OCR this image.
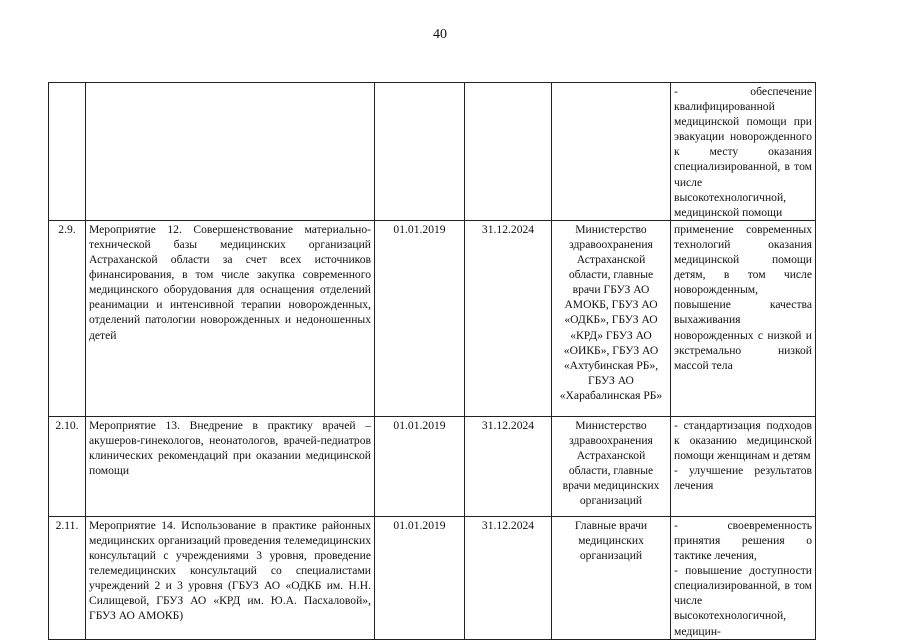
40

					- обеспечение квалифицированной медицинской помощи при эвакуации новорожденного к месту оказания специализированной, в том числе высокотехнологичной, медицинской помощи

2.9.	Мероприятие 12. Совершенствование материально-технической базы медицинских организаций Астраханской области за счет всех источников финансирования, в том числе закупка современного медицинского оборудования для оснащения отделений реанимации и интенсивной терапии новорожденных, отделений патологии новорожденных и недоношенных детей	01.01.2019	31.12.2024	Министерство здравоохранения Астраханской области, главные врачи ГБУЗ АО АМОКБ, ГБУЗ АО «ОДКБ», ГБУЗ АО «КРД» ГБУЗ АО «ОИКБ», ГБУЗ АО «Ахтубинская РБ», ГБУЗ АО «Харабалинская РБ»	применение современных технологий оказания медицинской помощи детям, в том числе новорожденным, повышение качества выхаживания новорожденных с низкой и экстремально низкой массой тела

2.10.	Мероприятие 13. Внедрение в практику врачей – акушеров-гинекологов, неонатологов, врачей-педиатров клинических рекомендаций при оказании медицинской помощи	01.01.2019	31.12.2024	Министерство здравоохранения Астраханской области, главные врачи медицинских организаций	- стандартизация подходов к оказанию медицинской помощи женщинам и детям
- улучшение результатов лечения

2.11.	Мероприятие 14. Использование в практике районных медицинских организаций проведения телемедицинских консультаций с учреждениями 3 уровня, проведение телемедицинских консультаций со специалистами учреждений 2 и 3 уровня (ГБУЗ АО «ОДКБ им. Н.Н. Силищевой, ГБУЗ АО «КРД им. Ю.А. Пасхаловой», ГБУЗ АО АМОКБ)	01.01.2019	31.12.2024	Главные врачи медицинских организаций	- своевременность принятия решения о тактике лечения,
- повышение доступности специализированной, в том числе высокотехнологичной, медицин-
